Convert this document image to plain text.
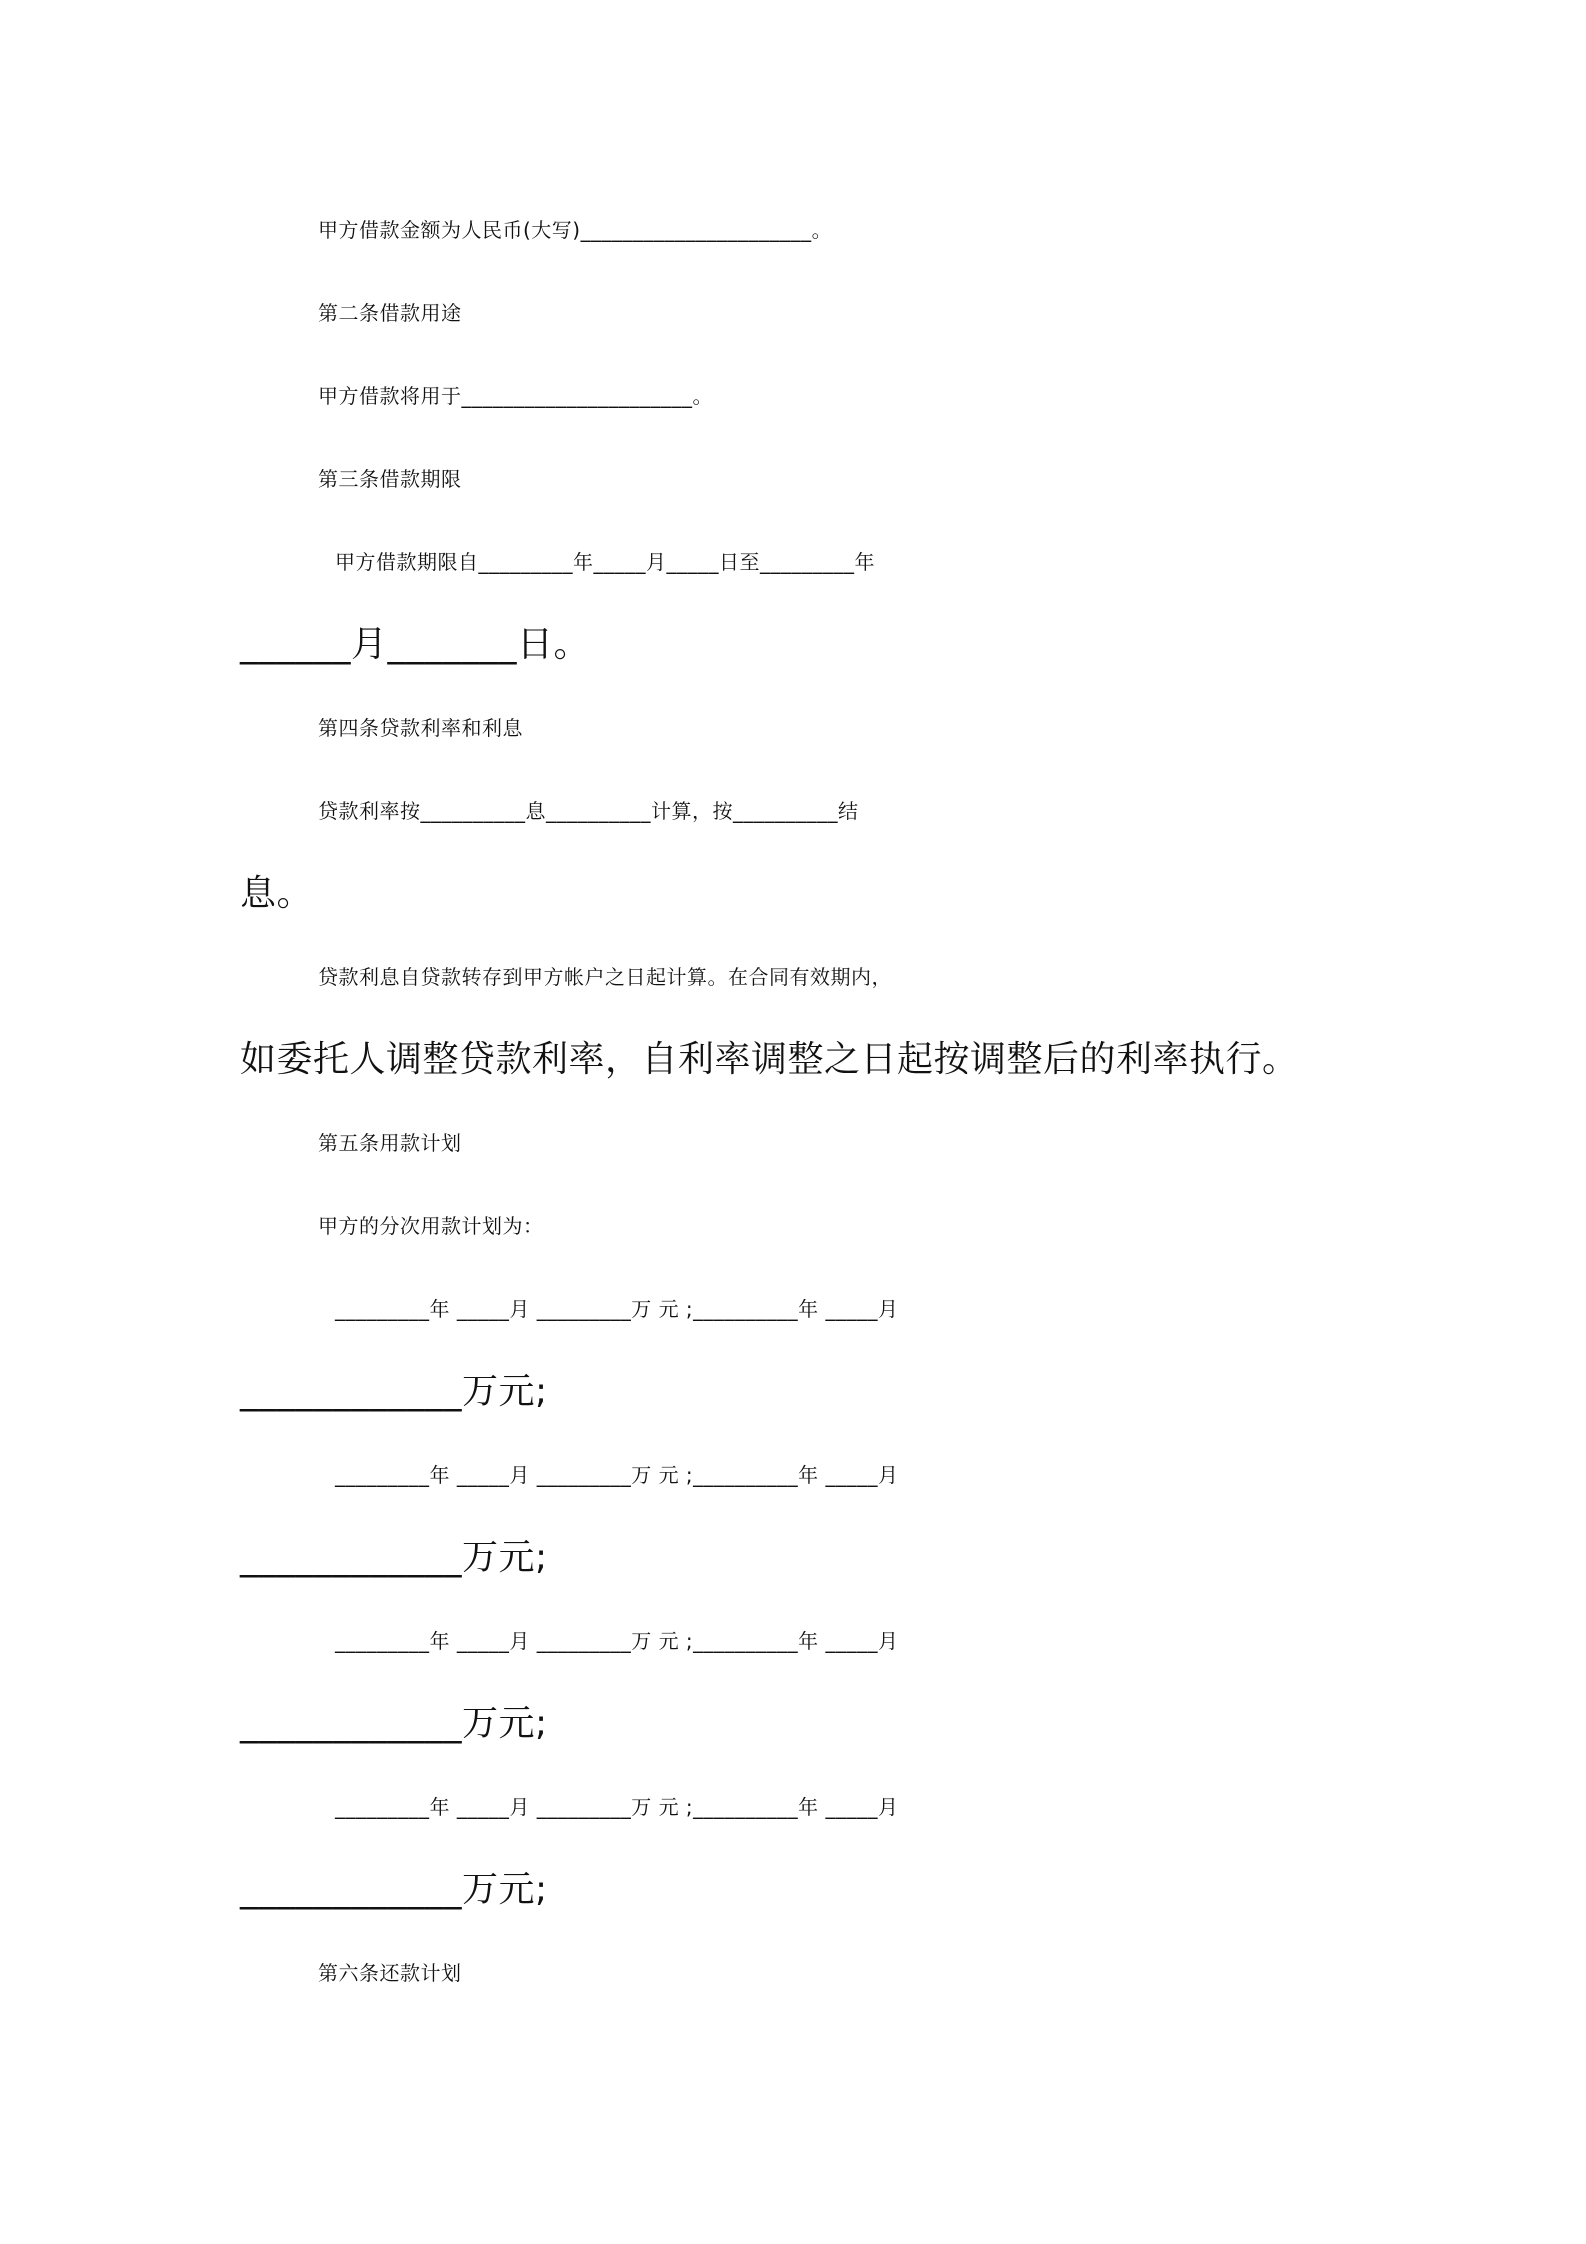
甲方借款金额为人民币(大写)______________________。
第二条借款用途
甲方借款将用于______________________。
第三条借款期限
甲方借款期限自_________年_____月_____日至_________年
______月_______日。
第四条贷款利率和利息
贷款利率按__________息__________计算，按__________结
息。
贷款利息自贷款转存到甲方帐户之日起计算。在合同有效期内，
如委托人调整贷款利率，自利率调整之日起按调整后的利率执行。
第五条用款计划
甲方的分次用款计划为：
_________年 _____月 _________万 元 ;__________年 _____月
____________万元;
_________年 _____月 _________万 元 ;__________年 _____月
____________万元;
_________年 _____月 _________万 元 ;__________年 _____月
____________万元;
_________年 _____月 _________万 元 ;__________年 _____月
____________万元;
第六条还款计划
